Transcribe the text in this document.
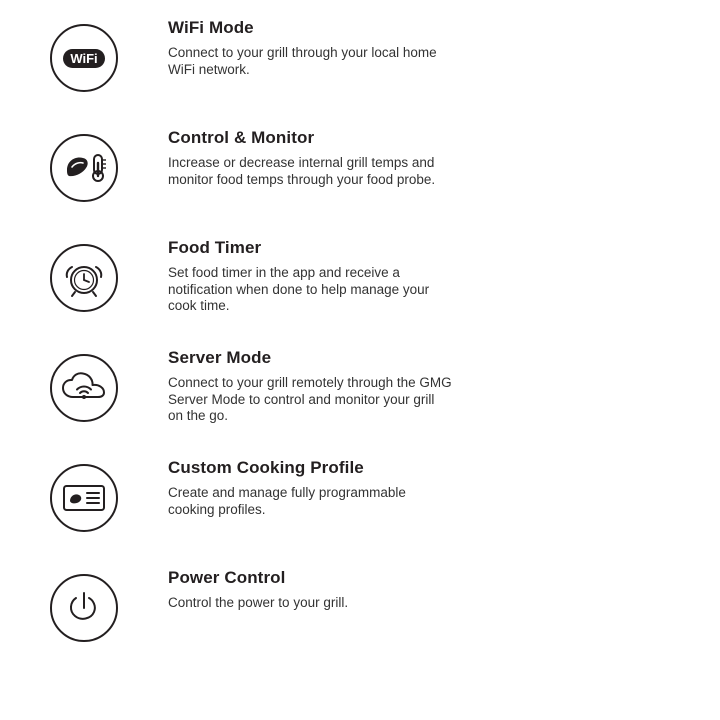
WiFi
WiFi Mode

Connect to your grill through your local home WiFi network.

Control & Monitor

Increase or decrease internal grill temps and monitor food temps through your food probe.

Food Timer

Set food timer in the app and receive a notification when done to help manage your cook time.

Server Mode

Connect to your grill remotely through the GMG Server Mode to control and monitor your grill on the go.

Custom Cooking Profile

Create and manage fully programmable cooking profiles.

Power Control

Control the power to your grill.
